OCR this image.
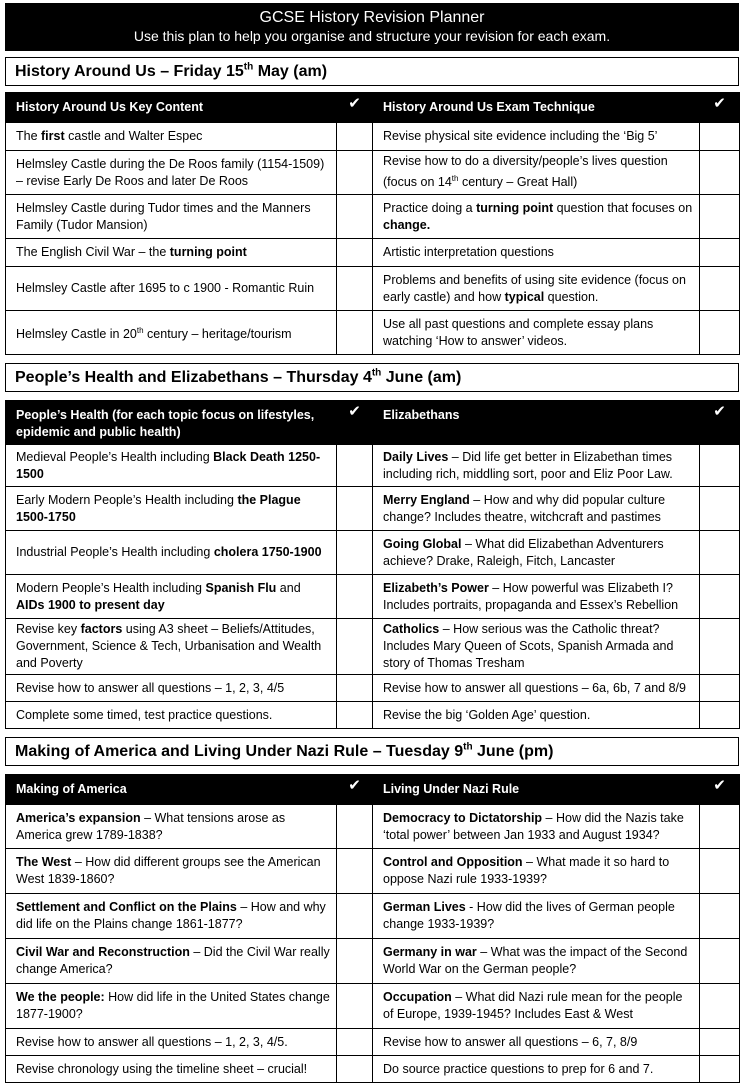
GCSE History Revision Planner
Use this plan to help you organise and structure your revision for each exam.
History Around Us – Friday 15th May (am)
History Around Us Key Content	✔	History Around Us Exam Technique	✔
The first castle and Walter Espec		Revise physical site evidence including the ‘Big 5’	
Helmsley Castle during the De Roos family (1154-1509) – revise Early De Roos and later De Roos		Revise how to do a diversity/people’s lives question (focus on 14th century – Great Hall)	
Helmsley Castle during Tudor times and the Manners Family (Tudor Mansion)		Practice doing a turning point question that focuses on change.	
The English Civil War – the turning point		Artistic interpretation questions	
Helmsley Castle after 1695 to c 1900 - Romantic Ruin		Problems and benefits of using site evidence (focus on early castle) and how typical question.	
Helmsley Castle in 20th century – heritage/tourism		Use all past questions and complete essay plans watching ‘How to answer’ videos.	
People’s Health and Elizabethans – Thursday 4th June (am)
People’s Health (for each topic focus on lifestyles, epidemic and public health)	✔	Elizabethans	✔
Medieval People’s Health including Black Death 1250-1500		Daily Lives – Did life get better in Elizabethan times including rich, middling sort, poor and Eliz Poor Law.	
Early Modern People’s Health including the Plague 1500-1750		Merry England – How and why did popular culture change? Includes theatre, witchcraft and pastimes	
Industrial People’s Health including cholera 1750-1900		Going Global – What did Elizabethan Adventurers achieve? Drake, Raleigh, Fitch, Lancaster	
Modern People’s Health including Spanish Flu and AIDs 1900 to present day		Elizabeth’s Power – How powerful was Elizabeth I? Includes portraits, propaganda and Essex’s Rebellion	
Revise key factors using A3 sheet – Beliefs/Attitudes, Government, Science & Tech, Urbanisation and Wealth and Poverty		Catholics – How serious was the Catholic threat? Includes Mary Queen of Scots, Spanish Armada and story of Thomas Tresham	
Revise how to answer all questions – 1, 2, 3, 4/5		Revise how to answer all questions – 6a, 6b, 7 and 8/9	
Complete some timed, test practice questions.		Revise the big ‘Golden Age’ question.	
Making of America and Living Under Nazi Rule – Tuesday 9th June (pm)
Making of America	✔	Living Under Nazi Rule	✔
America’s expansion – What tensions arose as America grew 1789-1838?		Democracy to Dictatorship – How did the Nazis take ‘total power’ between Jan 1933 and August 1934?	
The West – How did different groups see the American West 1839-1860?		Control and Opposition – What made it so hard to oppose Nazi rule 1933-1939?	
Settlement and Conflict on the Plains – How and why did life on the Plains change 1861-1877?		German Lives - How did the lives of German people change 1933-1939?	
Civil War and Reconstruction – Did the Civil War really change America?		Germany in war – What was the impact of the Second World War on the German people?	
We the people: How did life in the United States change 1877-1900?		Occupation – What did Nazi rule mean for the people of Europe, 1939-1945? Includes East & West	
Revise how to answer all questions – 1, 2, 3, 4/5.		Revise how to answer all questions – 6, 7, 8/9	
Revise chronology using the timeline sheet – crucial!		Do source practice questions to prep for 6 and 7.	
